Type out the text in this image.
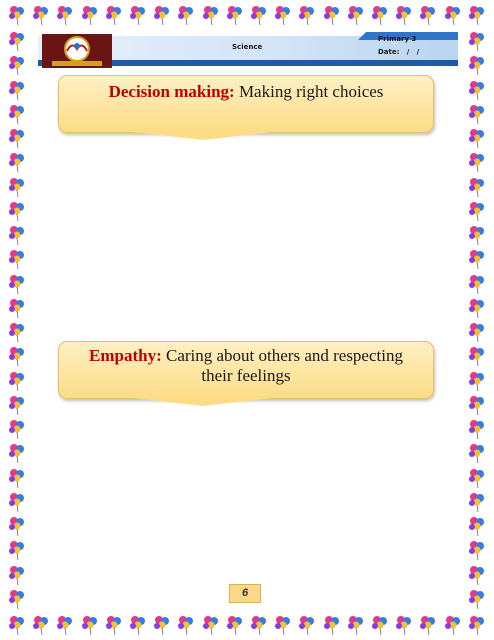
Science
Primary 3
Date:   /   /
Decision making: Making right choices
Empathy: Caring about others and respecting their feelings
6
